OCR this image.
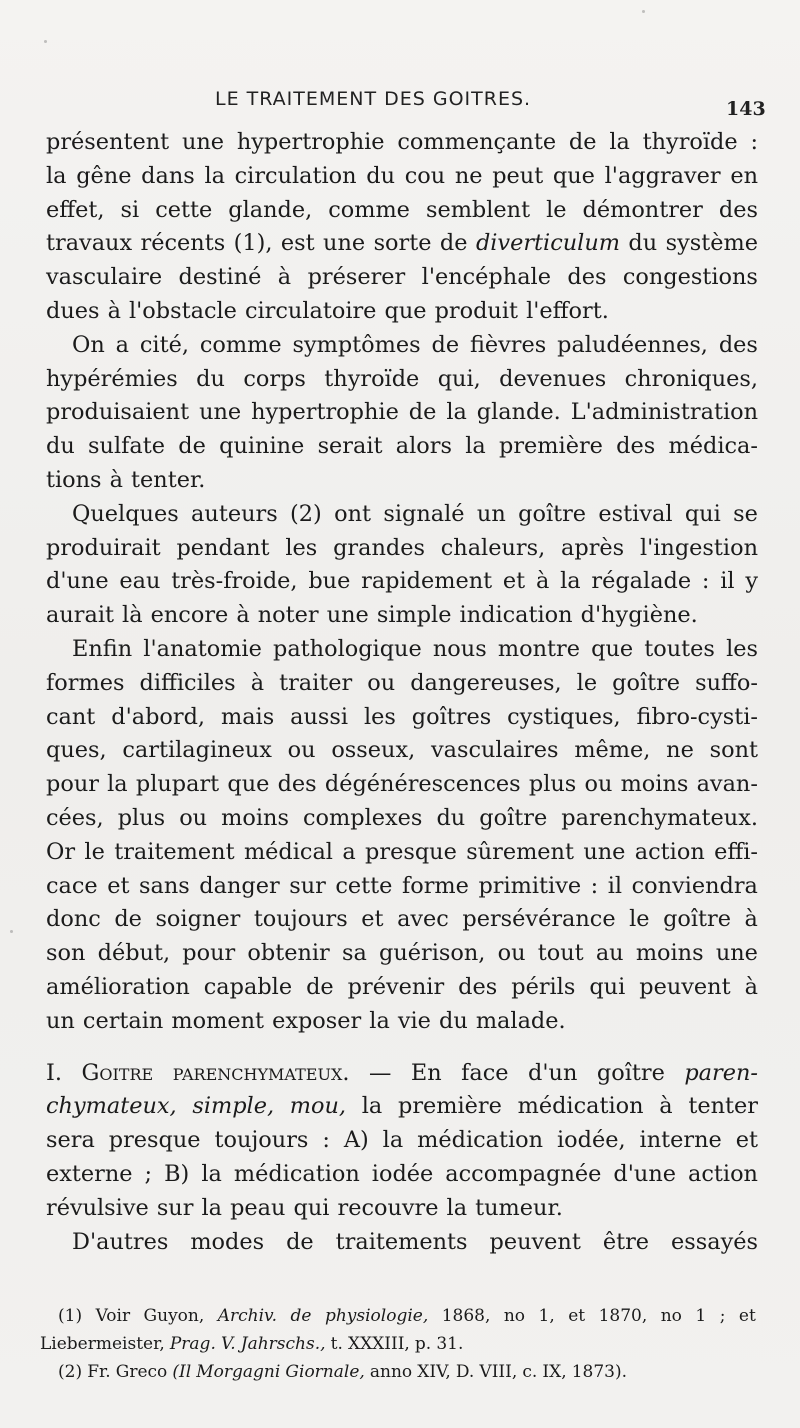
LE TRAITEMENT DES GOITRES.	143
présentent une hypertrophie commençante de la thyroïde :
la gêne dans la circulation du cou ne peut que l'aggraver en
effet, si cette glande, comme semblent le démontrer des
travaux récents (1), est une sorte de diverticulum du système
vasculaire destiné à préserer l'encéphale des congestions
dues à l'obstacle circulatoire que produit l'effort.
On a cité, comme symptômes de fièvres paludéennes, des
hypérémies du corps thyroïde qui, devenues chroniques,
produisaient une hypertrophie de la glande. L'administration
du sulfate de quinine serait alors la première des médica-
tions à tenter.
Quelques auteurs (2) ont signalé un goître estival qui se
produirait pendant les grandes chaleurs, après l'ingestion
d'une eau très-froide, bue rapidement et à la régalade : il y
aurait là encore à noter une simple indication d'hygiène.
Enfin l'anatomie pathologique nous montre que toutes les
formes difficiles à traiter ou dangereuses, le goître suffo-
cant d'abord, mais aussi les goîtres cystiques, fibro-cysti-
ques, cartilagineux ou osseux, vasculaires même, ne sont
pour la plupart que des dégénérescences plus ou moins avan-
cées, plus ou moins complexes du goître parenchymateux.
Or le traitement médical a presque sûrement une action effi-
cace et sans danger sur cette forme primitive : il conviendra
donc de soigner toujours et avec persévérance le goître à
son début, pour obtenir sa guérison, ou tout au moins une
amélioration capable de prévenir des périls qui peuvent à
un certain moment exposer la vie du malade.
I. Goitre parenchymateux. — En face d'un goître paren-
chymateux, simple, mou, la première médication à tenter
sera presque toujours : A) la médication iodée, interne et
externe ; B) la médication iodée accompagnée d'une action
révulsive sur la peau qui recouvre la tumeur.
D'autres modes de traitements peuvent être essayés
(1) Voir Guyon, Archiv. de physiologie, 1868, no 1, et 1870, no 1 ; et
Liebermeister, Prag. V. Jahrschs., t. XXXIII, p. 31.
(2) Fr. Greco (Il Morgagni Giornale, anno XIV, D. VIII, c. IX, 1873).
